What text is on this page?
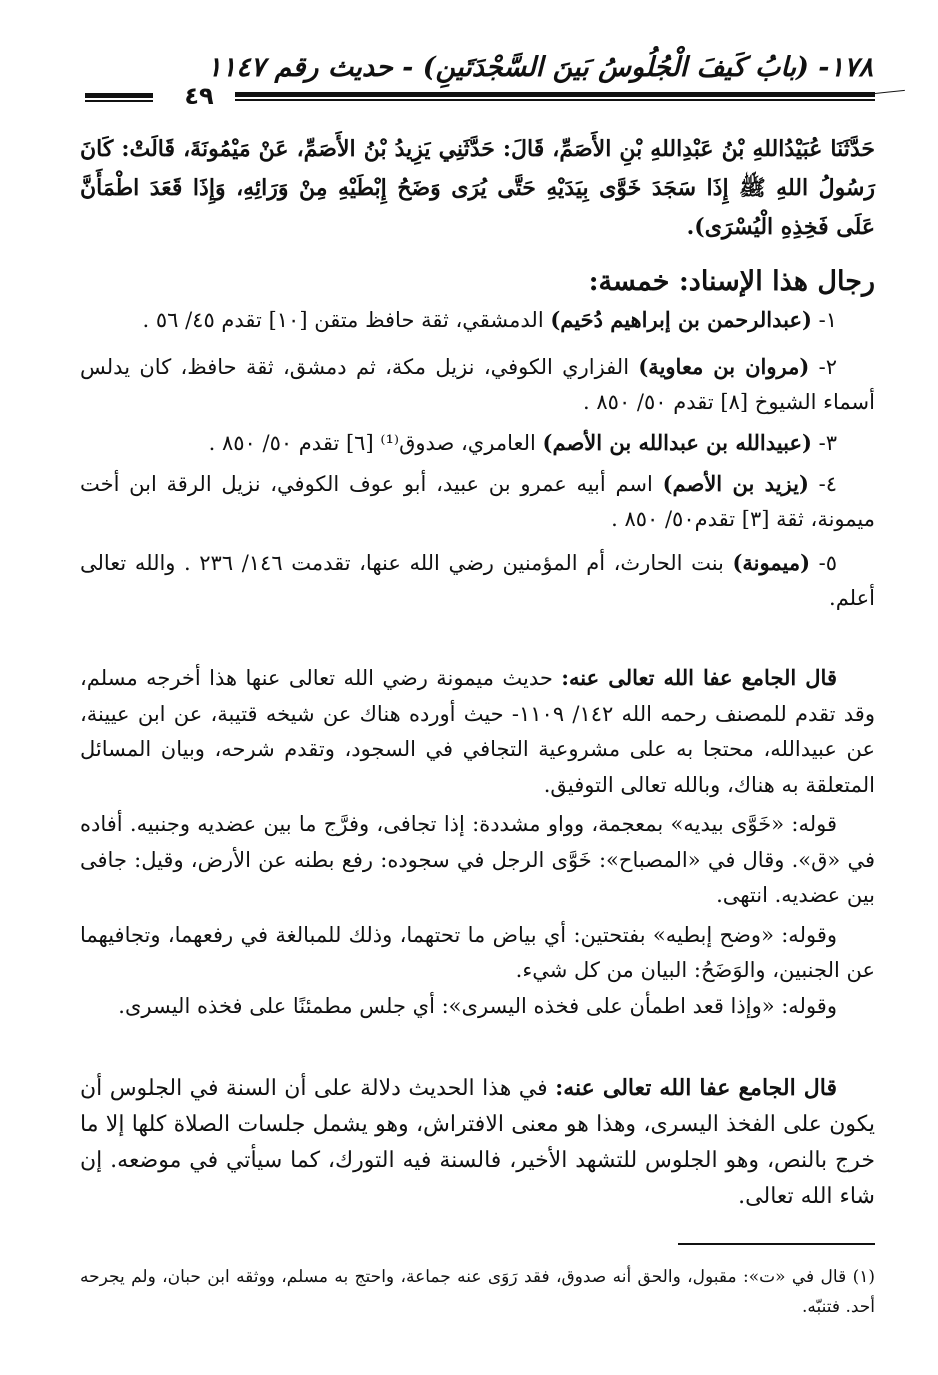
١٧٨- (بابُ كَيفَ الْجُلُوسُ بَينَ السَّجْدَتَينِ) - حديث رقم ١١٤٧
٤٩
حَدَّثَنَا عُبَيْدُاللهِ بْنُ عَبْدِاللهِ بْنِ الأَصَمِّ، قَالَ: حَدَّثَنِي يَزِيدُ بْنُ الأَصَمِّ، عَنْ مَيْمُونَةَ، قَالَتْ: كَانَ رَسُولُ اللهِ ﷺ إِذَا سَجَدَ خَوَّى بِيَدَيْهِ حَتَّى يُرَى وَضَحُ إِبْطَيْهِ مِنْ وَرَائِهِ، وَإِذَا قَعَدَ اطْمَأَنَّ عَلَى فَخِذِهِ الْيُسْرَى).
رجال هذا الإسناد: خمسة:

١- (عبدالرحمن بن إبراهيم دُحَيم) الدمشقي، ثقة حافظ متقن [١٠] تقدم ٤٥/ ٥٦ .

٢- (مروان بن معاوية) الفزاري الكوفي، نزيل مكة، ثم دمشق، ثقة حافظ، كان يدلس أسماء الشيوخ [٨] تقدم ٥٠/ ٨٥٠ .

٣- (عبيدالله بن عبدالله بن الأصم) العامري، صدوق⁽¹⁾ [٦] تقدم ٥٠/ ٨٥٠ .

٤- (يزيد بن الأصم) اسم أبيه عمرو بن عبيد، أبو عوف الكوفي، نزيل الرقة ابن أخت ميمونة، ثقة [٣] تقدم٥٠/ ٨٥٠ .

٥- (ميمونة) بنت الحارث، أم المؤمنين رضي الله عنها، تقدمت ١٤٦/ ٢٣٦ . والله تعالى أعلم.

قال الجامع عفا الله تعالى عنه: حديث ميمونة رضي الله تعالى عنها هذا أخرجه مسلم، وقد تقدم للمصنف رحمه الله ١٤٢/ ١١٠٩- حيث أورده هناك عن شيخه قتيبة، عن ابن عيينة، عن عبيدالله، محتجا به على مشروعية التجافي في السجود، وتقدم شرحه، وبيان المسائل المتعلقة به هناك، وبالله تعالى التوفيق.

قوله: «خَوَّى بيديه» بمعجمة، وواو مشددة: إذا تجافى، وفرَّج ما بين عضديه وجنبيه. أفاده في «ق». وقال في «المصباح»: خَوَّى الرجل في سجوده: رفع بطنه عن الأرض، وقيل: جافى بين عضديه. انتهى.

وقوله: «وضح إبطيه» بفتحتين: أي بياض ما تحتهما، وذلك للمبالغة في رفعهما، وتجافيهما عن الجنبين، والوَضَحُ: البيان من كل شيء.

وقوله: «وإذا قعد اطمأن على فخذه اليسرى»: أي جلس مطمئنًا على فخذه اليسرى.

قال الجامع عفا الله تعالى عنه: في هذا الحديث دلالة على أن السنة في الجلوس أن يكون على الفخذ اليسرى، وهذا هو معنى الافتراش، وهو يشمل جلسات الصلاة كلها إلا ما خرج بالنص، وهو الجلوس للتشهد الأخير، فالسنة فيه التورك، كما سيأتي في موضعه. إن شاء الله تعالى.

(١) قال في «ت»: مقبول، والحق أنه صدوق، فقد رَوَى عنه جماعة، واحتج به مسلم، ووثقه ابن حبان، ولم يجرحه أحد. فتنبّه.
